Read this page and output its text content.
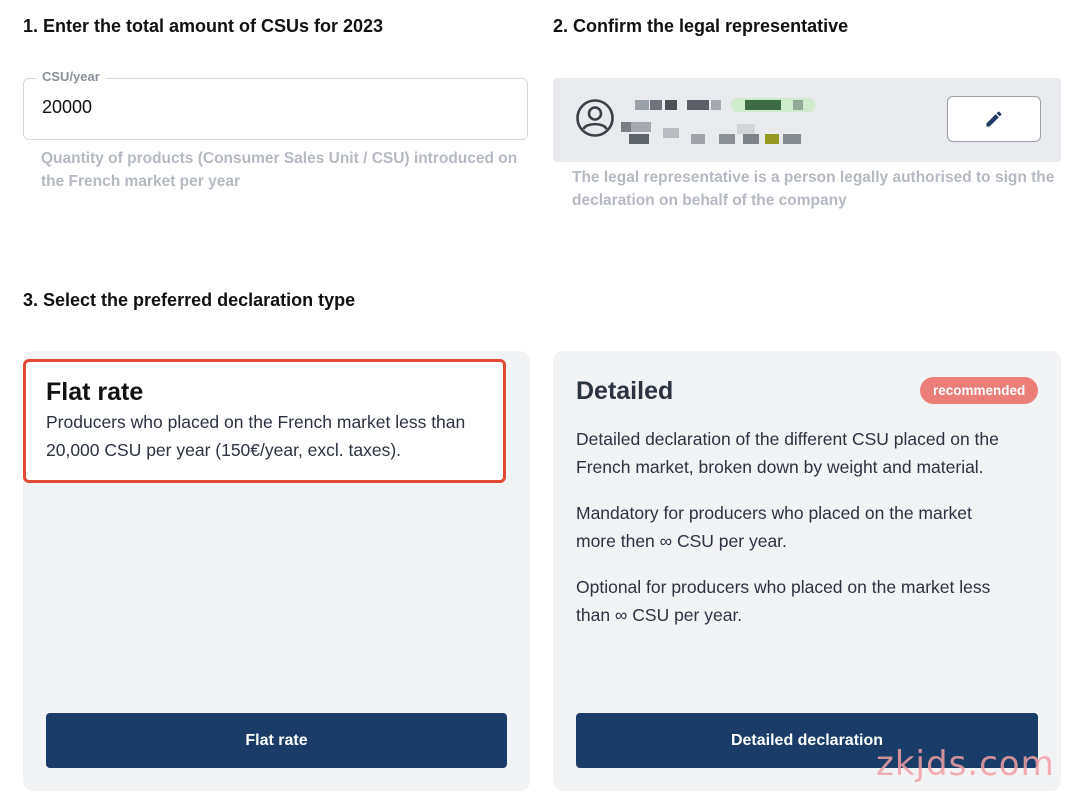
1. Enter the total amount of CSUs for 2023
CSU/year
20000

Quantity of products (Consumer Sales Unit / CSU) introduced on
the French market per year

2. Confirm the legal representative

The legal representative is a person legally authorised to sign the
declaration on behalf of the company

3. Select the preferred declaration type
Flat rate

Producers who placed on the French market less than
20,000 CSU per year (150€/year, excl. taxes).

Flat rate
Detailed	recommended

Detailed declaration of the different CSU placed on the
French market, broken down by weight and material.

Mandatory for producers who placed on the market
more then ∞ CSU per year.

Optional for producers who placed on the market less
than ∞ CSU per year.

Detailed declaration
zkjds.com
